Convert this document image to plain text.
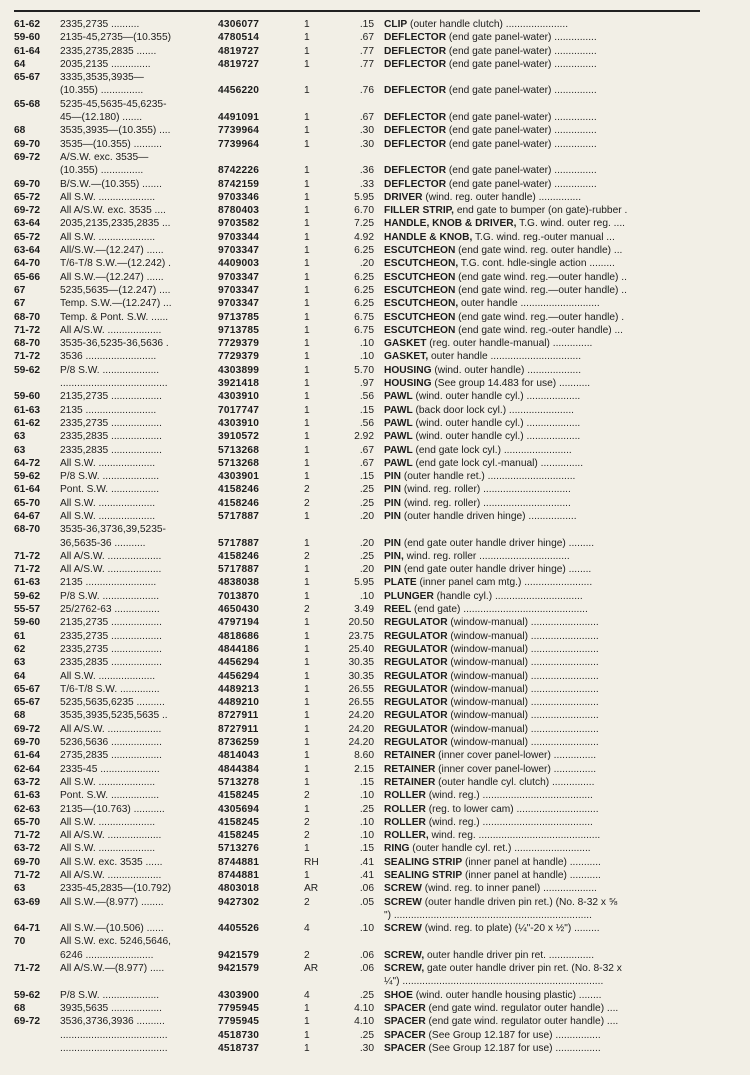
61-62	2335,2735 ..........	4306077	1	.15 CLIP (outer handle clutch) ......................
59-60	2135-45,2735—(10.355)	4780514	1	.67 DEFLECTOR (end gate panel-water) ...............
61-64	2335,2735,2835 .......	4819727	1	.77 DEFLECTOR (end gate panel-water) ...............
64	2035,2135 ..............	4819727	1	.77 DEFLECTOR (end gate panel-water) ...............
65-67	3335,3535,3935—
(10.355) ...............	4456220	1	.76 DEFLECTOR (end gate panel-water) ...............
65-68	5235-45,5635-45,6235-
45—(12.180) .......	4491091	1	.67 DEFLECTOR (end gate panel-water) ...............
68	3535,3935—(10.355) ....	7739964	1	.30 DEFLECTOR (end gate panel-water) ...............
69-70	3535—(10.355) ..........	7739964	1	.30 DEFLECTOR (end gate panel-water) ...............
69-72	A/S.W. exc. 3535—
(10.355) ...............	8742226	1	.36 DEFLECTOR (end gate panel-water) ...............
69-70	B/S.W.—(10.355) .......	8742159	1	.33 DEFLECTOR (end gate panel-water) ...............
65-72	All S.W. ....................	9703346	1	5.95 DRIVER (wind. reg. outer handle) ...............
69-72	All A/S.W. exc. 3535 ....	8780403	1	6.70 FILLER STRIP, end gate to bumper (on gate)-rubber .
63-64	2035,2135,2335,2835 ...	9703582	1	7.25 HANDLE, KNOB & DRIVER, T.G. wind. outer reg. ....
65-72	All S.W. ....................	9703344	1	4.92 HANDLE & KNOB, T.G. wind. reg.-outer manual ...
63-64	All/S.W.—(12.247) ......	9703347	1	6.25 ESCUTCHEON (end gate wind. reg. outer handle) ...
64-70	T/6-T/8 S.W.—(12.242) .	4409003	1	.20 ESCUTCHEON, T.G. cont. hdle-single action .........
65-66	All S.W.—(12.247) ......	9703347	1	6.25 ESCUTCHEON (end gate wind. reg.—outer handle) ..
67	5235,5635—(12.247) ....	9703347	1	6.25 ESCUTCHEON (end gate wind. reg.—outer handle) ..
67	Temp. S.W.—(12.247) ...	9703347	1	6.25 ESCUTCHEON, outer handle ............................
68-70	Temp. & Pont. S.W. ......	9713785	1	6.75 ESCUTCHEON (end gate wind. reg.—outer handle) .
71-72	All A/S.W. ...................	9713785	1	6.75 ESCUTCHEON (end gate wind. reg.-outer handle) ...
68-70	3535-36,5235-36,5636 .	7729379	1	.10 GASKET (reg. outer handle-manual) ..............
71-72	3536 .........................	7729379	1	.10 GASKET, outer handle ................................
59-62	P/8 S.W. ....................	4303899	1	5.70 HOUSING (wind. outer handle) ...................
......................................	3921418	1	.97 HOUSING (See group 14.483 for use) ...........
59-60	2135,2735 ..................	4303910	1	.56 PAWL (wind. outer handle cyl.) ...................
61-63	2135 .........................	7017747	1	.15 PAWL (back door lock cyl.) .......................
61-62	2335,2735 ..................	4303910	1	.56 PAWL (wind. outer handle cyl.) ...................
63	2335,2835 ..................	3910572	1	2.92 PAWL (wind. outer handle cyl.) ...................
63	2335,2835 ..................	5713268	1	.67 PAWL (end gate lock cyl.) ........................
64-72	All S.W. ....................	5713268	1	.67 PAWL (end gate lock cyl.-manual) ...............
59-62	P/8 S.W. ....................	4303901	1	.15 PIN (outer handle ret.) ...............................
61-64	Pont. S.W. .................	4158246	2	.25 PIN (wind. reg. roller) ...............................
65-70	All S.W. ....................	4158246	2	.25 PIN (wind. reg. roller) ...............................
64-67	All S.W. ....................	5717887	1	.20 PIN (outer handle driven hinge) .................
68-70	3535-36,3736,39,5235-
36,5635-36 ...........	5717887	1	.20 PIN (end gate outer handle driver hinge) .........
71-72	All A/S.W. ...................	4158246	2	.25 PIN, wind. reg. roller ................................
71-72	All A/S.W. ...................	5717887	1	.20 PIN (end gate outer handle driver hinge) ........
61-63	2135 .........................	4838038	1	5.95 PLATE (inner panel cam mtg.) ........................
59-62	P/8 S.W. ....................	7013870	1	.10 PLUNGER (handle cyl.) ...............................
55-57	25/2762-63 ................	4650430	2	3.49 REEL (end gate) ............................................
59-60	2135,2735 ..................	4797194	1	20.50 REGULATOR (window-manual) ........................
61	2335,2735 ..................	4818686	1	23.75 REGULATOR (window-manual) ........................
62	2335,2735 ..................	4844186	1	25.40 REGULATOR (window-manual) ........................
63	2335,2835 ..................	4456294	1	30.35 REGULATOR (window-manual) ........................
64	All S.W. ....................	4456294	1	30.35 REGULATOR (window-manual) ........................
65-67	T/6-T/8 S.W. ..............	4489213	1	26.55 REGULATOR (window-manual) ........................
65-67	5235,5635,6235 ..........	4489210	1	26.55 REGULATOR (window-manual) ........................
68	3535,3935,5235,5635 ..	8727911	1	24.20 REGULATOR (window-manual) ........................
69-72	All A/S.W. ...................	8727911	1	24.20 REGULATOR (window-manual) ........................
69-70	5236,5636 ..................	8736259	1	24.20 REGULATOR (window-manual) ........................
61-64	2735,2835 ..................	4814043	1	8.60 RETAINER (inner cover panel-lower) ...............
62-64	2335-45 .....................	4844384	1	2.15 RETAINER (inner cover panel-lower) ...............
63-72	All S.W. ....................	5713278	1	.15 RETAINER (outer handle cyl. clutch) ...............
61-63	Pont. S.W. .................	4158245	2	.10 ROLLER (wind. reg.) .......................................
62-63	2135—(10.763) ...........	4305694	1	.25 ROLLER (reg. to lower cam) .............................
65-70	All S.W. ....................	4158245	2	.10 ROLLER (wind. reg.) .......................................
71-72	All A/S.W. ...................	4158245	2	.10 ROLLER, wind. reg. ...........................................
63-72	All S.W. ....................	5713276	1	.15 RING (outer handle cyl. ret.) ...........................
69-70	All S.W. exc. 3535 ......	8744881	RH	.41 SEALING STRIP (inner panel at handle) ...........
71-72	All A/S.W. ...................	8744881	1	.41 SEALING STRIP (inner panel at handle) ...........
63	2335-45,2835—(10.792)	4803018	AR	.06 SCREW (wind. reg. to inner panel) ...................
63-69	All S.W.—(8.977) ........	9427302	2	.05 SCREW (outer handle driven pin ret.) (No. 8-32 x ⅝
") ......................................................................
64-71	All S.W.—(10.506) ......	4405526	4	.10 SCREW (wind. reg. to plate) (¼"-20 x ½") .........
70	All S.W. exc. 5246,5646,
6246 ........................	9421579	2	.06 SCREW, outer handle driver pin ret. ................
71-72	All A/S.W.—(8.977) .....	9421579	AR	.06 SCREW, gate outer handle driver pin ret. (No. 8-32 x
¼") .......................................................................
59-62	P/8 S.W. ....................	4303900	4	.25 SHOE (wind. outer handle housing plastic) ........
68	3935,5635 ..................	7795945	1	4.10 SPACER (end gate wind. regulator outer handle) ....
69-72	3536,3736,3936 ..........	7795945	1	4.10 SPACER (end gate wind. regulator outer handle) ....
......................................	4518730	1	.25 SPACER (See Group 12.187 for use) ................
......................................	4518737	1	.30 SPACER (See Group 12.187 for use) ................
